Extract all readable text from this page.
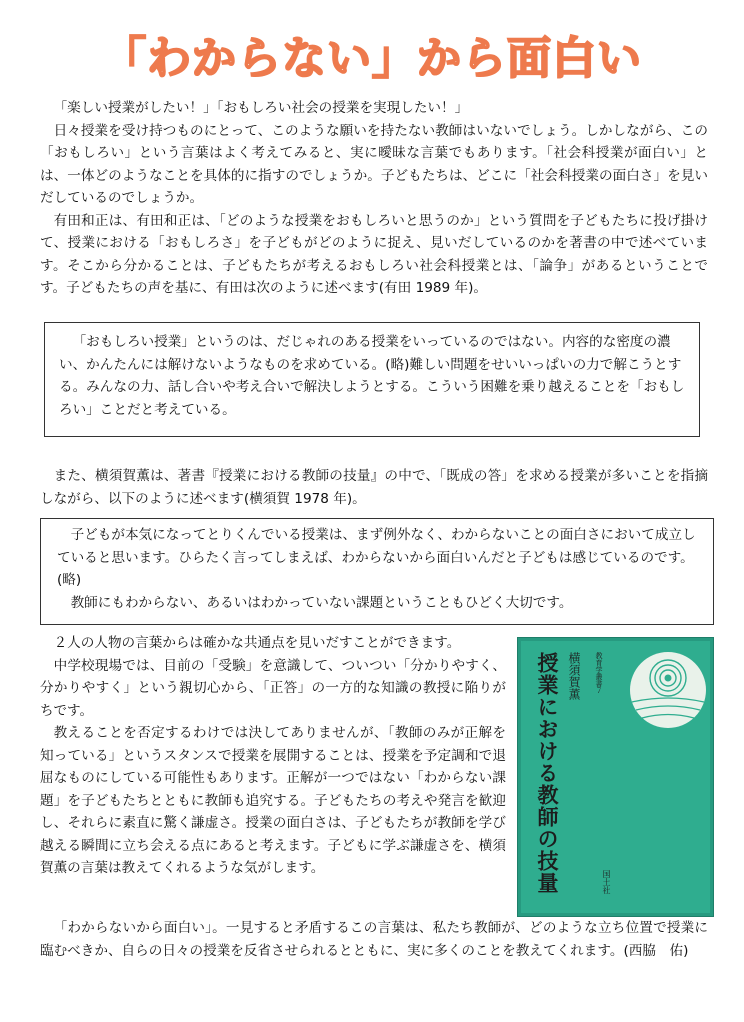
「わからない」から面白い

「楽しい授業がしたい！」「おもしろい社会の授業を実現したい！」

日々授業を受け持つものにとって、このような願いを持たない教師はいないでしょう。しかしながら、この「おもしろい」という言葉はよく考えてみると、実に曖昧な言葉でもあります。「社会科授業が面白い」とは、一体どのようなことを具体的に指すのでしょうか。子どもたちは、どこに「社会科授業の面白さ」を見いだしているのでしょうか。

有田和正は、有田和正は、「どのような授業をおもしろいと思うのか」という質問を子どもたちに投げ掛けて、授業における「おもしろさ」を子どもがどのように捉え、見いだしているのかを著書の中で述べています。そこから分かることは、子どもたちが考えるおもしろい社会科授業とは、「論争」があるということです。子どもたちの声を基に、有田は次のように述べます(有田 1989 年)。

「おもしろい授業」というのは、だじゃれのある授業をいっているのではない。内容的な密度の濃い、かんたんには解けないようなものを求めている。(略)難しい問題をせいいっぱいの力で解こうとする。みんなの力、話し合いや考え合いで解決しようとする。こういう困難を乗り越えることを「おもしろい」ことだと考えている。

また、横須賀薫は、著書『授業における教師の技量』の中で、「既成の答」を求める授業が多いことを指摘しながら、以下のように述べます(横須賀 1978 年)。

子どもが本気になってとりくんでいる授業は、まず例外なく、わからないことの面白さにおいて成立していると思います。ひらたく言ってしまえば、わからないから面白いんだと子どもは感じているのです。(略)

教師にもわからない、あるいはわかっていない課題ということもひどく大切です。

２人の人物の言葉からは確かな共通点を見いだすことができます。

中学校現場では、目前の「受験」を意識して、ついつい「分かりやすく、分かりやすく」という親切心から、「正答」の一方的な知識の教授に陥りがちです。

教えることを否定するわけでは決してありませんが、「教師のみが正解を知っている」というスタンスで授業を展開することは、授業を予定調和で退屈なものにしている可能性もあります。正解が一つではない「わからない課題」を子どもたちとともに教師も追究する。子どもたちの考えや発言を歓迎し、それらに素直に驚く謙虚さ。授業の面白さは、子どもたちが教師を学び越える瞬間に立ち会える点にあると考えます。子どもに学ぶ謙虚さを、横須賀薫の言葉は教えてくれるような気がします。	授業における教師の技量 横須賀薫 教育学叢書７
国土社

「わからないから面白い」。一見すると矛盾するこの言葉は、私たち教師が、どのような立ち位置で授業に臨むべきか、自らの日々の授業を反省させられるとともに、実に多くのことを教えてくれます。(西脇　佑)
